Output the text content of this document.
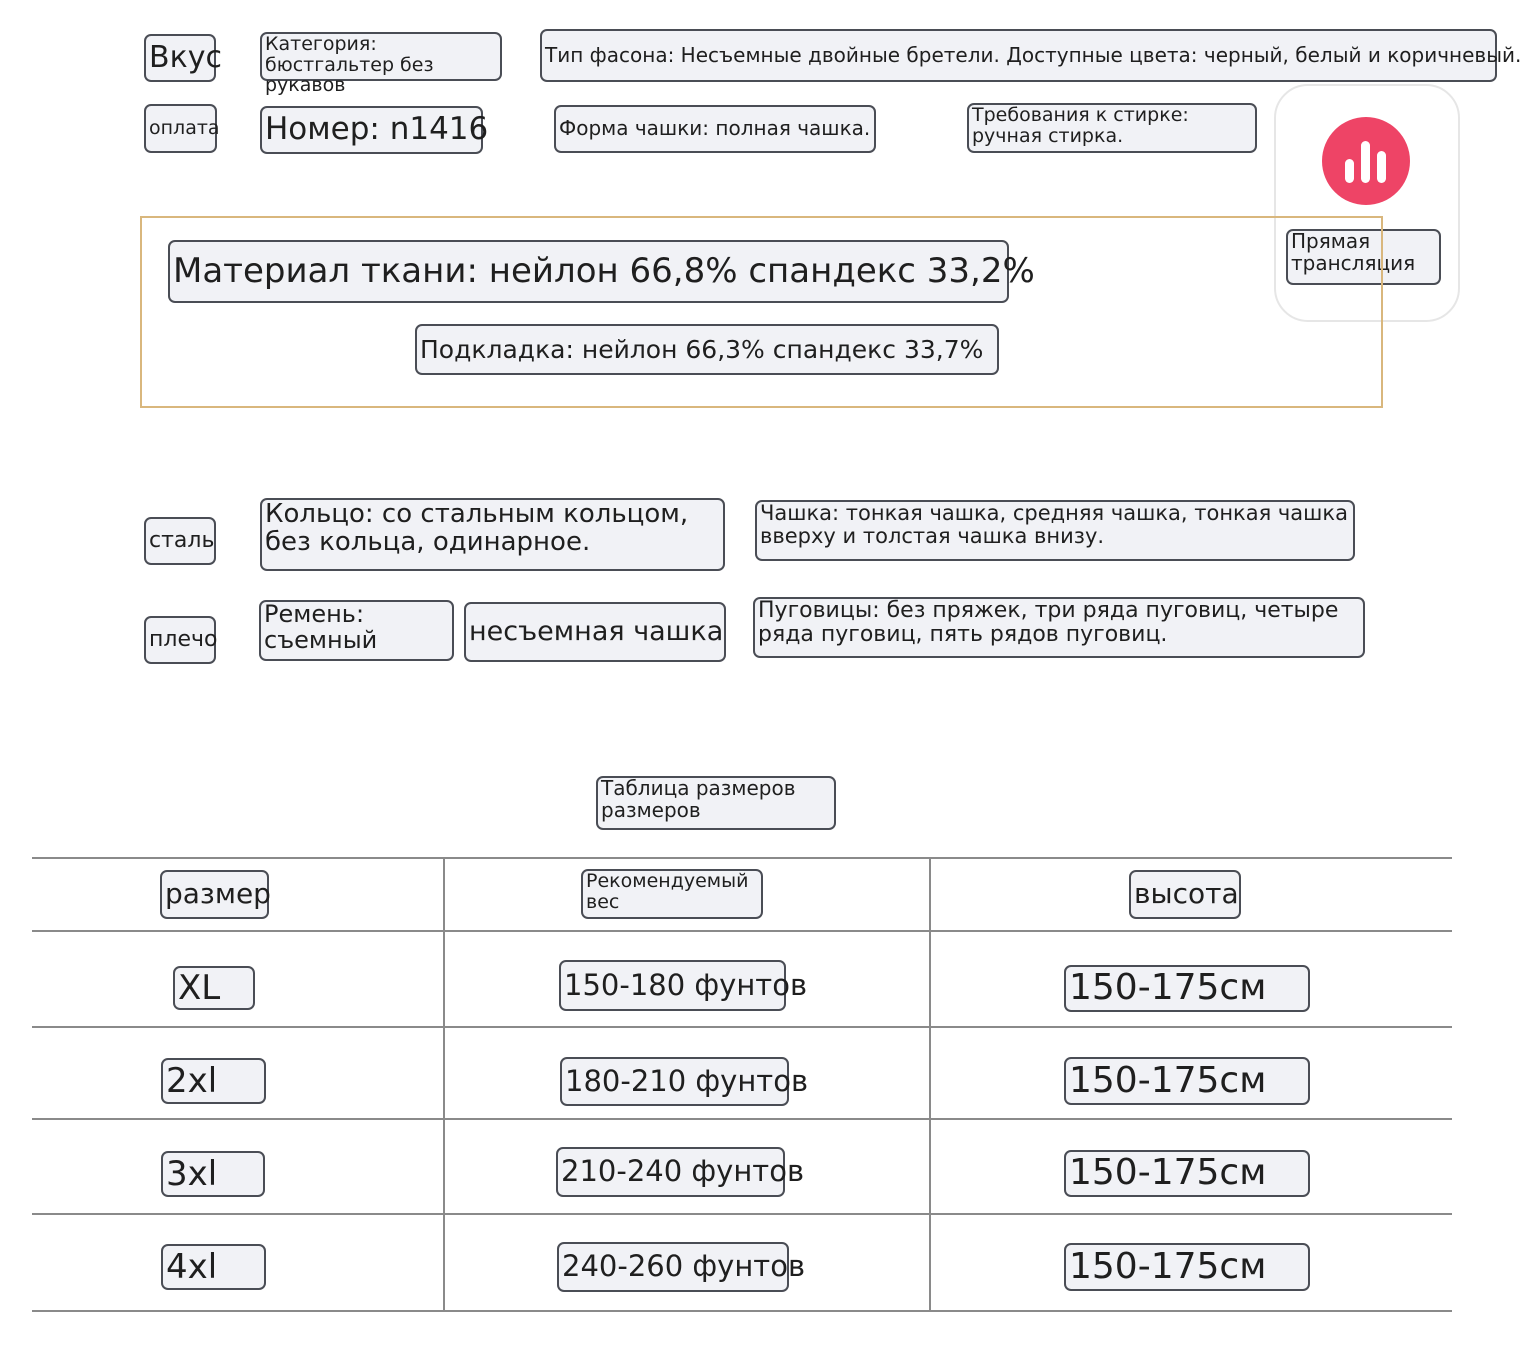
Вкус Категория: бюстгальтер без рукавов
Тип фасона: Несъемные двойные бретели. Доступные цвета: черный, белый и коричневый.
оплата Номер: n1416	Форма чашки: полная чашка.
Требования к стирке: ручная стирка.
Прямая трансляция
Материал ткани: нейлон 66,8% спандекс 33,2%
Подкладка: нейлон 66,3% спандекс 33,7%
сталь
Кольцо: со стальным кольцом, без кольца, одинарное.
Чашка: тонкая чашка, средняя чашка, тонкая чашка вверху и толстая чашка внизу.
плечо
Ремень: съемный	несъемная чашка
Пуговицы: без пряжек, три ряда пуговиц, четыре ряда пуговиц, пять рядов пуговиц.
Таблица размеров размеров
размер	Рекомендуемый вес	высота
XL	150-180 фунтов	150-175см
2xl	180-210 фунтов	150-175см
3xl	210-240 фунтов	150-175см
4xl	240-260 фунтов	150-175см
